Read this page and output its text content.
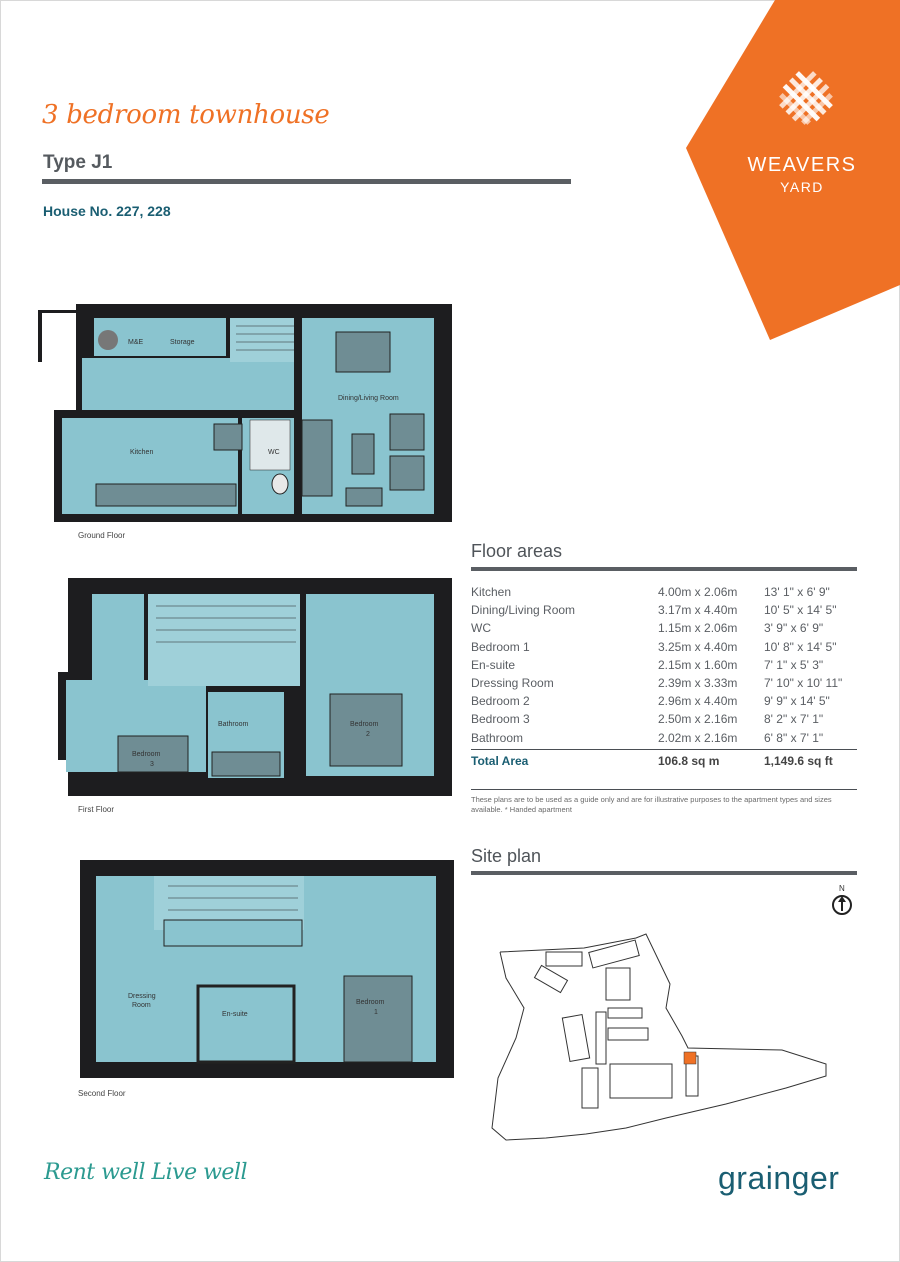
3 bedroom townhouse
Type J1
House No. 227, 228
WEAVERS
YARD
M&E	Storage
Dining/Living Room
Kitchen	WC
Ground Floor
Bathroom	Bedroom
2
Bedroom
3
First Floor
Dressing
Room
En-suite
Bedroom
1
Second Floor
Floor areas
Kitchen	4.00m x 2.06m	13' 1" x 6' 9"
Dining/Living Room	3.17m x 4.40m	10' 5" x 14' 5"
WC	1.15m x 2.06m	3' 9" x 6' 9"
Bedroom 1	3.25m x 4.40m	10' 8" x 14' 5"
En-suite	2.15m x 1.60m	7' 1" x 5' 3"
Dressing Room	2.39m x 3.33m	7' 10" x 10' 11"
Bedroom 2	2.96m x 4.40m	9' 9" x 14' 5"
Bedroom 3	2.50m x 2.16m	8' 2" x 7' 1"
Bathroom	2.02m x 2.16m	6' 8" x 7' 1"
Total Area	106.8 sq m	1,149.6 sq ft
These plans are to be used as a guide only and are for illustrative purposes to the apartment types and sizes available. * Handed apartment
Site plan
N
Rent well Live well	grainger
